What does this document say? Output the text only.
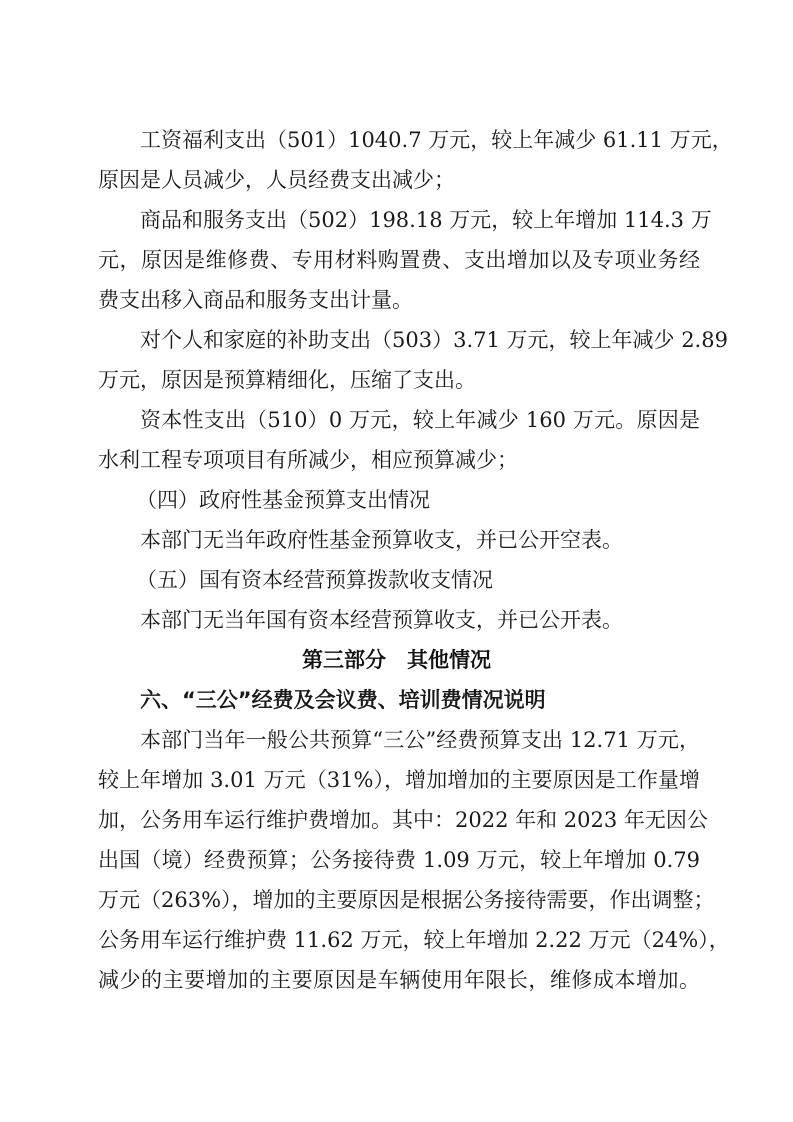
工资福利支出（501）1040.7 万元，较上年减少 61.11 万元，

原因是人员减少，人员经费支出减少；

商品和服务支出（502）198.18 万元，较上年增加 114.3 万

元，原因是维修费、专用材料购置费、支出增加以及专项业务经

费支出移入商品和服务支出计量。

对个人和家庭的补助支出（503）3.71 万元，较上年减少 2.89

万元，原因是预算精细化，压缩了支出。

资本性支出（510）0 万元，较上年减少 160 万元。原因是

水利工程专项项目有所减少，相应预算减少；

（四）政府性基金预算支出情况

本部门无当年政府性基金预算收支，并已公开空表。

（五）国有资本经营预算拨款收支情况

本部门无当年国有资本经营预算收支，并已公开表。

第三部分　其他情况

六、“三公”经费及会议费、培训费情况说明

本部门当年一般公共预算“三公”经费预算支出 12.71 万元，

较上年增加 3.01 万元（31%），增加增加的主要原因是工作量增

加，公务用车运行维护费增加。其中：2022 年和 2023 年无因公

出国（境）经费预算；公务接待费 1.09 万元，较上年增加 0.79

万元（263%），增加的主要原因是根据公务接待需要，作出调整；

公务用车运行维护费 11.62 万元，较上年增加 2.22 万元（24%），

减少的主要增加的主要原因是车辆使用年限长，维修成本增加。
